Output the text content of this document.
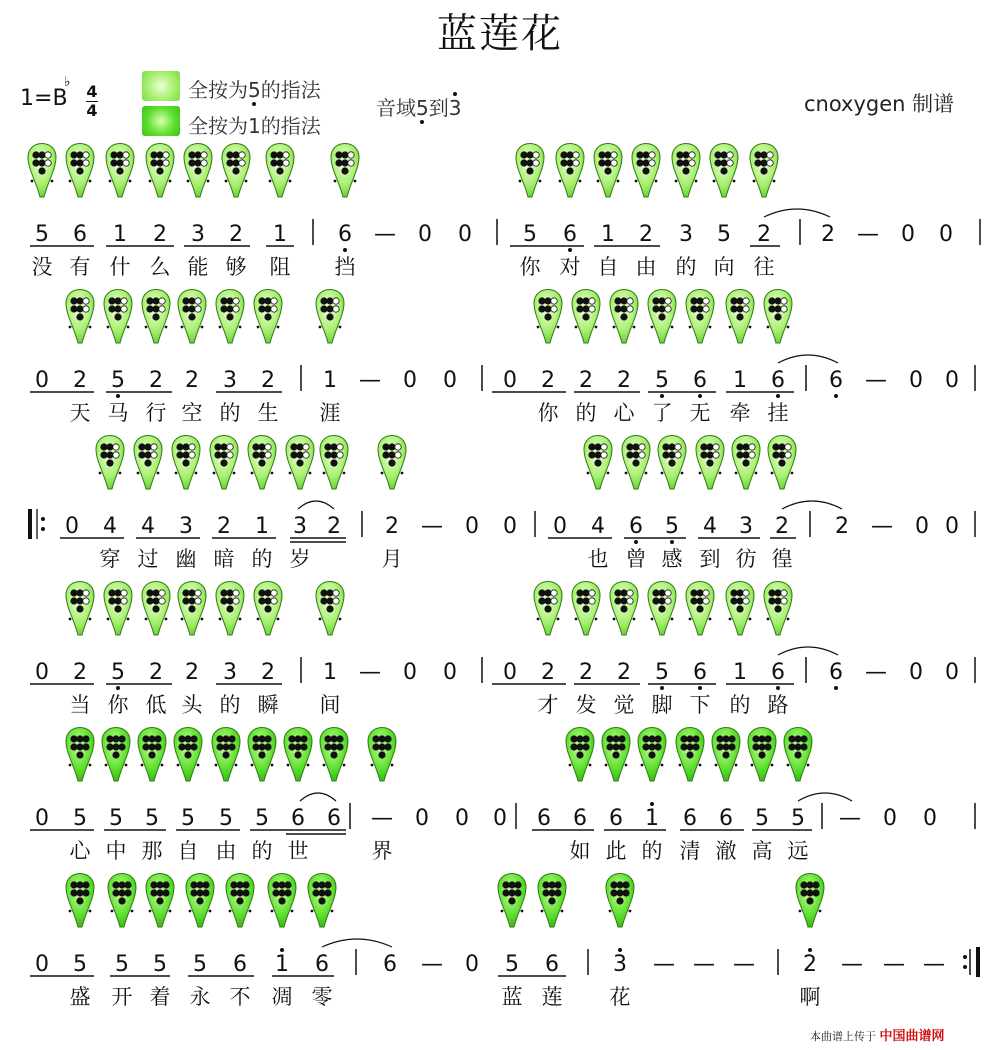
蓝莲花
1=
♭
B 4
4
全按为5
的指法
全按为1的指法
音域5
到3	cnoxygen 制谱
5 6 1 2 3 2 1 6 — 0 0 5 6 1 2 3 5 2 2 — 0 0
没 有 什 么 能 够 阻 挡	你 对 自 由 的 向 往
0 2 5 2 2 3 2 1 — 0 0 0 2 2 2 5 6 1 6 6 — 0 0
天 马 行 空 的 生 涯	你 的 心 了 无 牵 挂
0 4 4 3 2 1 3 2 2 — 0 0 0 4 6 5 4 3 2 2 — 0 0
穿 过 幽 暗 的 岁	月	也 曾 感 到 彷 徨
0 2 5 2 2 3 2 1 — 0 0 0 2 2 2 5 6 1 6 6 — 0 0
当 你 低 头 的 瞬 间	才 发 觉 脚 下 的 路
0 5 5 5 5 5 5 6 6 — 0 0 0 6 6 6 1 6 6 5 5 — 0 0
心 中 那 自 由 的 世	界	如 此 的 清 澈 高 远
0 5 5 5 5 6 1 6 6 — 0 5 6 3 — — — 2 — — —
盛 开 着 永 不 凋 零	蓝 莲 花	啊
本曲谱上传于 中国曲谱网
